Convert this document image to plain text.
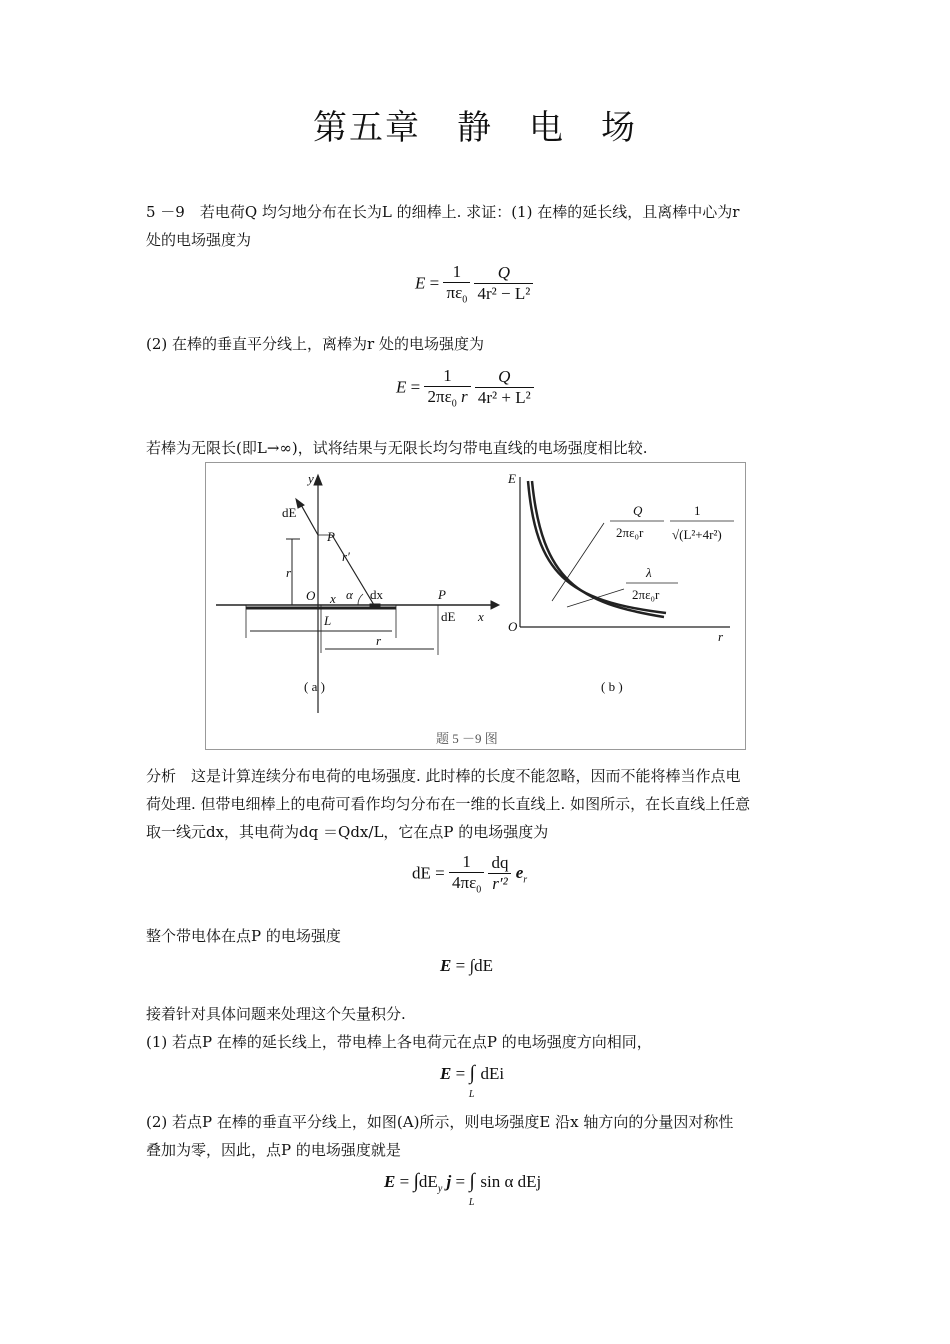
第五章　静　电　场
5 －9　若电荷Q 均匀地分布在长为L 的细棒上. 求证：(1) 在棒的延长线，且离棒中心为r
处的电场强度为
$E = \frac{1}{\pi\varepsilon_0}$
$\frac{Q}{\text{4r² − L²}}$
(2) 在棒的垂直平分线上，离棒为r 处的电场强度为
$E = \frac{1}{2\pi\varepsilon_0 r}$
$\frac{Q}{\text{4r² + L²}}$
若棒为无限长(即L→∞)，试将结果与无限长均匀带电直线的电场强度相比较.
y
dE
P
r′
r
O x α dx	P
dE x
L
r
( a )
E
O
r
Q
2πε₀r
1
√(L²+4r²)
λ
2πε₀r
( b )
题 5 －9 图
分析　这是计算连续分布电荷的电场强度. 此时棒的长度不能忽略，因而不能将棒当作点电
荷处理. 但带电细棒上的电荷可看作均匀分布在一维的长直线上. 如图所示，在长直线上任意
取一线元dx，其电荷为dq ＝Qdx/L，它在点P 的电场强度为
dE = $\frac{1}{4\pi\varepsilon_0}$
$\frac{dq}{\text{r′²}} e_r$
整个带电体在点P 的电场强度
E = ∫dE
接着针对具体问题来处理这个矢量积分.
(1) 若点P 在棒的延长线上，带电棒上各电荷元在点P 的电场强度方向相同，
$E = \int_LdEi$
(2) 若点P 在棒的垂直平分线上，如图(A)所示，则电场强度E 沿x 轴方向的分量因对称性
叠加为零，因此，点P 的电场强度就是
$E = \int dE_y$ $j = \int_L\sin$ α dEj
